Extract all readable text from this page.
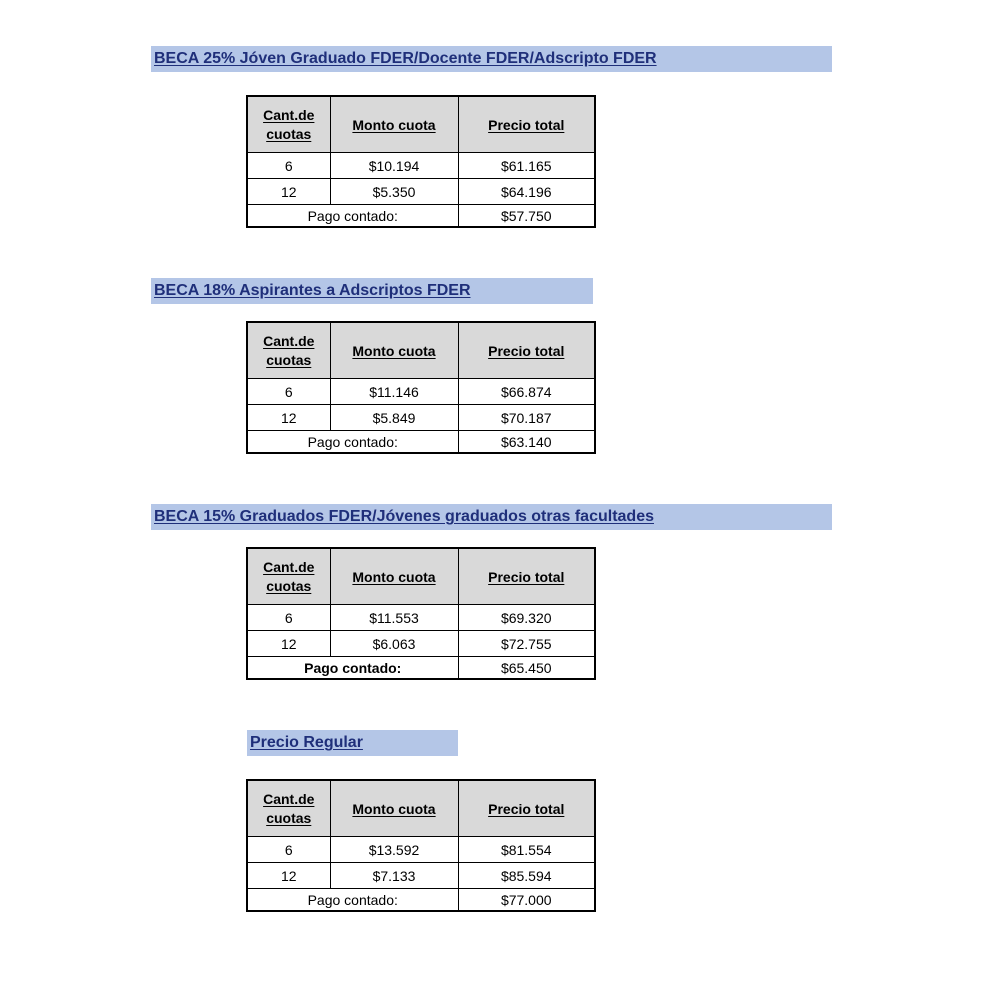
BECA 25% Jóven Graduado FDER/Docente FDER/Adscripto FDER
Cant.de
cuotas	Monto cuota	Precio total
6	$10.194	$61.165
12	$5.350	$64.196
Pago contado:		$57.750
BECA 18% Aspirantes a Adscriptos FDER
Cant.de
cuotas	Monto cuota	Precio total
6	$11.146	$66.874
12	$5.849	$70.187
Pago contado:		$63.140
BECA 15% Graduados FDER/Jóvenes graduados otras facultades
Cant.de
cuotas	Monto cuota	Precio total
6	$11.553	$69.320
12	$6.063	$72.755
Pago contado:		$65.450
Precio Regular
Cant.de
cuotas	Monto cuota	Precio total
6	$13.592	$81.554
12	$7.133	$85.594
Pago contado:		$77.000
